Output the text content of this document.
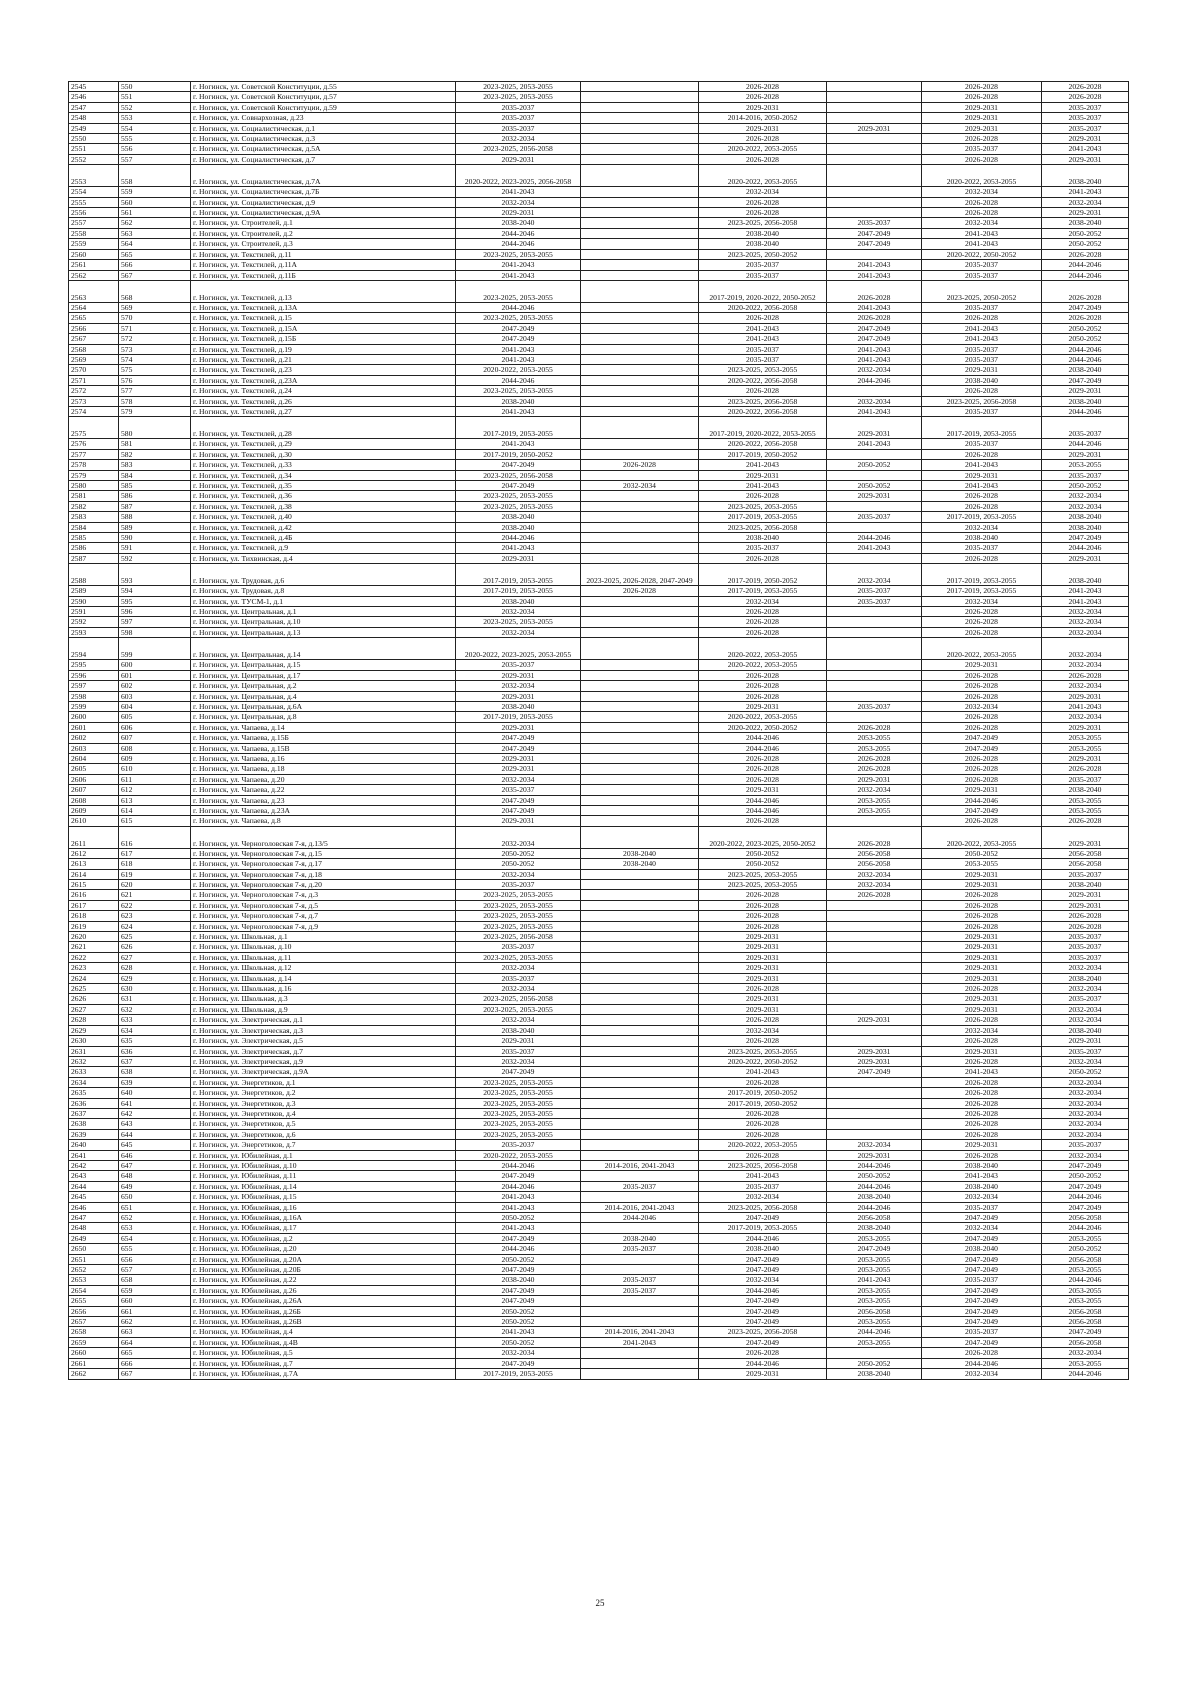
2545	550	г. Ногинск, ул. Советской Конституции, д.55	2023-2025, 2053-2055		2026-2028		2026-2028	2026-2028
2546	551	г. Ногинск, ул. Советской Конституции, д.57	2023-2025, 2053-2055		2026-2028		2026-2028	2026-2028
2547	552	г. Ногинск, ул. Советской Конституции, д.59	2035-2037		2029-2031		2029-2031	2035-2037
2548	553	г. Ногинск, ул. Совнархозная, д.23	2035-2037		2014-2016, 2050-2052		2029-2031	2035-2037
2549	554	г. Ногинск, ул. Социалистическая, д.1	2035-2037		2029-2031	2029-2031	2029-2031	2035-2037
2550	555	г. Ногинск, ул. Социалистическая, д.3	2032-2034		2026-2028		2026-2028	2029-2031
2551	556	г. Ногинск, ул. Социалистическая, д.5А	2023-2025, 2056-2058		2020-2022, 2053-2055		2035-2037	2041-2043
2552	557	г. Ногинск, ул. Социалистическая, д.7	2029-2031		2026-2028		2026-2028	2029-2031
2553	558	г. Ногинск, ул. Социалистическая, д.7А	2020-2022, 2023-2025, 2056-2058		2020-2022, 2053-2055		2020-2022, 2053-2055	2038-2040
2554	559	г. Ногинск, ул. Социалистическая, д.7Б	2041-2043		2032-2034		2032-2034	2041-2043
2555	560	г. Ногинск, ул. Социалистическая, д.9	2032-2034		2026-2028		2026-2028	2032-2034
2556	561	г. Ногинск, ул. Социалистическая, д.9А	2029-2031		2026-2028		2026-2028	2029-2031
2557	562	г. Ногинск, ул. Строителей, д.1	2038-2040		2023-2025, 2056-2058	2035-2037	2032-2034	2038-2040
2558	563	г. Ногинск, ул. Строителей, д.2	2044-2046		2038-2040	2047-2049	2041-2043	2050-2052
2559	564	г. Ногинск, ул. Строителей, д.3	2044-2046		2038-2040	2047-2049	2041-2043	2050-2052
2560	565	г. Ногинск, ул. Текстилей, д.11	2023-2025, 2053-2055		2023-2025, 2050-2052		2020-2022, 2050-2052	2026-2028
2561	566	г. Ногинск, ул. Текстилей, д.11А	2041-2043		2035-2037	2041-2043	2035-2037	2044-2046
2562	567	г. Ногинск, ул. Текстилей, д.11Б	2041-2043		2035-2037	2041-2043	2035-2037	2044-2046
2563	568	г. Ногинск, ул. Текстилей, д.13	2023-2025, 2053-2055		2017-2019, 2020-2022, 2050-2052	2026-2028	2023-2025, 2050-2052	2026-2028
2564	569	г. Ногинск, ул. Текстилей, д.13А	2044-2046		2020-2022, 2056-2058	2041-2043	2035-2037	2047-2049
2565	570	г. Ногинск, ул. Текстилей, д.15	2023-2025, 2053-2055		2026-2028	2026-2028	2026-2028	2026-2028
2566	571	г. Ногинск, ул. Текстилей, д.15А	2047-2049		2041-2043	2047-2049	2041-2043	2050-2052
2567	572	г. Ногинск, ул. Текстилей, д.15Б	2047-2049		2041-2043	2047-2049	2041-2043	2050-2052
2568	573	г. Ногинск, ул. Текстилей, д.19	2041-2043		2035-2037	2041-2043	2035-2037	2044-2046
2569	574	г. Ногинск, ул. Текстилей, д.21	2041-2043		2035-2037	2041-2043	2035-2037	2044-2046
2570	575	г. Ногинск, ул. Текстилей, д.23	2020-2022, 2053-2055		2023-2025, 2053-2055	2032-2034	2029-2031	2038-2040
2571	576	г. Ногинск, ул. Текстилей, д.23А	2044-2046		2020-2022, 2056-2058	2044-2046	2038-2040	2047-2049
2572	577	г. Ногинск, ул. Текстилей, д.24	2023-2025, 2053-2055		2026-2028		2026-2028	2029-2031
2573	578	г. Ногинск, ул. Текстилей, д.26	2038-2040		2023-2025, 2056-2058	2032-2034	2023-2025, 2056-2058	2038-2040
2574	579	г. Ногинск, ул. Текстилей, д.27	2041-2043		2020-2022, 2056-2058	2041-2043	2035-2037	2044-2046
2575	580	г. Ногинск, ул. Текстилей, д.28	2017-2019, 2053-2055		2017-2019, 2020-2022, 2053-2055	2029-2031	2017-2019, 2053-2055	2035-2037
2576	581	г. Ногинск, ул. Текстилей, д.29	2041-2043		2020-2022, 2056-2058	2041-2043	2035-2037	2044-2046
2577	582	г. Ногинск, ул. Текстилей, д.30	2017-2019, 2050-2052		2017-2019, 2050-2052		2026-2028	2029-2031
2578	583	г. Ногинск, ул. Текстилей, д.33	2047-2049	2026-2028	2041-2043	2050-2052	2041-2043	2053-2055
2579	584	г. Ногинск, ул. Текстилей, д.34	2023-2025, 2056-2058		2029-2031		2029-2031	2035-2037
2580	585	г. Ногинск, ул. Текстилей, д.35	2047-2049	2032-2034	2041-2043	2050-2052	2041-2043	2050-2052
2581	586	г. Ногинск, ул. Текстилей, д.36	2023-2025, 2053-2055		2026-2028	2029-2031	2026-2028	2032-2034
2582	587	г. Ногинск, ул. Текстилей, д.38	2023-2025, 2053-2055		2023-2025, 2053-2055		2026-2028	2032-2034
2583	588	г. Ногинск, ул. Текстилей, д.40	2038-2040		2017-2019, 2053-2055	2035-2037	2017-2019, 2053-2055	2038-2040
2584	589	г. Ногинск, ул. Текстилей, д.42	2038-2040		2023-2025, 2056-2058		2032-2034	2038-2040
2585	590	г. Ногинск, ул. Текстилей, д.4Б	2044-2046		2038-2040	2044-2046	2038-2040	2047-2049
2586	591	г. Ногинск, ул. Текстилей, д.9	2041-2043		2035-2037	2041-2043	2035-2037	2044-2046
2587	592	г. Ногинск, ул. Тихвинская, д.4	2029-2031		2026-2028		2026-2028	2029-2031
2588	593	г. Ногинск, ул. Трудовая, д.6	2017-2019, 2053-2055	2023-2025, 2026-2028, 2047-2049	2017-2019, 2050-2052	2032-2034	2017-2019, 2053-2055	2038-2040
2589	594	г. Ногинск, ул. Трудовая, д.8	2017-2019, 2053-2055	2026-2028	2017-2019, 2053-2055	2035-2037	2017-2019, 2053-2055	2041-2043
2590	595	г. Ногинск, ул. ТУСМ-1, д.1	2038-2040		2032-2034	2035-2037	2032-2034	2041-2043
2591	596	г. Ногинск, ул. Центральная, д.1	2032-2034		2026-2028		2026-2028	2032-2034
2592	597	г. Ногинск, ул. Центральная, д.10	2023-2025, 2053-2055		2026-2028		2026-2028	2032-2034
2593	598	г. Ногинск, ул. Центральная, д.13	2032-2034		2026-2028		2026-2028	2032-2034
2594	599	г. Ногинск, ул. Центральная, д.14	2020-2022, 2023-2025, 2053-2055		2020-2022, 2053-2055		2020-2022, 2053-2055	2032-2034
2595	600	г. Ногинск, ул. Центральная, д.15	2035-2037		2020-2022, 2053-2055		2029-2031	2032-2034
2596	601	г. Ногинск, ул. Центральная, д.17	2029-2031		2026-2028		2026-2028	2026-2028
2597	602	г. Ногинск, ул. Центральная, д.2	2032-2034		2026-2028		2026-2028	2032-2034
2598	603	г. Ногинск, ул. Центральная, д.4	2029-2031		2026-2028		2026-2028	2029-2031
2599	604	г. Ногинск, ул. Центральная, д.6А	2038-2040		2029-2031	2035-2037	2032-2034	2041-2043
2600	605	г. Ногинск, ул. Центральная, д.8	2017-2019, 2053-2055		2020-2022, 2053-2055		2026-2028	2032-2034
2601	606	г. Ногинск, ул. Чапаева, д.14	2029-2031		2020-2022, 2050-2052	2026-2028	2026-2028	2029-2031
2602	607	г. Ногинск, ул. Чапаева, д.15Б	2047-2049		2044-2046	2053-2055	2047-2049	2053-2055
2603	608	г. Ногинск, ул. Чапаева, д.15В	2047-2049		2044-2046	2053-2055	2047-2049	2053-2055
2604	609	г. Ногинск, ул. Чапаева, д.16	2029-2031		2026-2028	2026-2028	2026-2028	2029-2031
2605	610	г. Ногинск, ул. Чапаева, д.18	2029-2031		2026-2028	2026-2028	2026-2028	2026-2028
2606	611	г. Ногинск, ул. Чапаева, д.20	2032-2034		2026-2028	2029-2031	2026-2028	2035-2037
2607	612	г. Ногинск, ул. Чапаева, д.22	2035-2037		2029-2031	2032-2034	2029-2031	2038-2040
2608	613	г. Ногинск, ул. Чапаева, д.23	2047-2049		2044-2046	2053-2055	2044-2046	2053-2055
2609	614	г. Ногинск, ул. Чапаева, д.23А	2047-2049		2044-2046	2053-2055	2047-2049	2053-2055
2610	615	г. Ногинск, ул. Чапаева, д.8	2029-2031		2026-2028		2026-2028	2026-2028
2611	616	г. Ногинск, ул. Черноголовская 7-я, д.13/5	2032-2034		2020-2022, 2023-2025, 2050-2052	2026-2028	2020-2022, 2053-2055	2029-2031
2612	617	г. Ногинск, ул. Черноголовская 7-я, д.15	2050-2052	2038-2040	2050-2052	2056-2058	2050-2052	2056-2058
2613	618	г. Ногинск, ул. Черноголовская 7-я, д.17	2050-2052	2038-2040	2050-2052	2056-2058	2053-2055	2056-2058
2614	619	г. Ногинск, ул. Черноголовская 7-я, д.18	2032-2034		2023-2025, 2053-2055	2032-2034	2029-2031	2035-2037
2615	620	г. Ногинск, ул. Черноголовская 7-я, д.20	2035-2037		2023-2025, 2053-2055	2032-2034	2029-2031	2038-2040
2616	621	г. Ногинск, ул. Черноголовская 7-я, д.3	2023-2025, 2053-2055		2026-2028	2026-2028	2026-2028	2029-2031
2617	622	г. Ногинск, ул. Черноголовская 7-я, д.5	2023-2025, 2053-2055		2026-2028		2026-2028	2029-2031
2618	623	г. Ногинск, ул. Черноголовская 7-я, д.7	2023-2025, 2053-2055		2026-2028		2026-2028	2026-2028
2619	624	г. Ногинск, ул. Черноголовская 7-я, д.9	2023-2025, 2053-2055		2026-2028		2026-2028	2026-2028
2620	625	г. Ногинск, ул. Школьная, д.1	2023-2025, 2056-2058		2029-2031		2029-2031	2035-2037
2621	626	г. Ногинск, ул. Школьная, д.10	2035-2037		2029-2031		2029-2031	2035-2037
2622	627	г. Ногинск, ул. Школьная, д.11	2023-2025, 2053-2055		2029-2031		2029-2031	2035-2037
2623	628	г. Ногинск, ул. Школьная, д.12	2032-2034		2029-2031		2029-2031	2032-2034
2624	629	г. Ногинск, ул. Школьная, д.14	2035-2037		2029-2031		2029-2031	2038-2040
2625	630	г. Ногинск, ул. Школьная, д.16	2032-2034		2026-2028		2026-2028	2032-2034
2626	631	г. Ногинск, ул. Школьная, д.3	2023-2025, 2056-2058		2029-2031		2029-2031	2035-2037
2627	632	г. Ногинск, ул. Школьная, д.9	2023-2025, 2053-2055		2029-2031		2029-2031	2032-2034
2628	633	г. Ногинск, ул. Электрическая, д.1	2032-2034		2026-2028	2029-2031	2026-2028	2032-2034
2629	634	г. Ногинск, ул. Электрическая, д.3	2038-2040		2032-2034		2032-2034	2038-2040
2630	635	г. Ногинск, ул. Электрическая, д.5	2029-2031		2026-2028		2026-2028	2029-2031
2631	636	г. Ногинск, ул. Электрическая, д.7	2035-2037		2023-2025, 2053-2055	2029-2031	2029-2031	2035-2037
2632	637	г. Ногинск, ул. Электрическая, д.9	2032-2034		2020-2022, 2050-2052	2029-2031	2026-2028	2032-2034
2633	638	г. Ногинск, ул. Электрическая, д.9А	2047-2049		2041-2043	2047-2049	2041-2043	2050-2052
2634	639	г. Ногинск, ул. Энергетиков, д.1	2023-2025, 2053-2055		2026-2028		2026-2028	2032-2034
2635	640	г. Ногинск, ул. Энергетиков, д.2	2023-2025, 2053-2055		2017-2019, 2050-2052		2026-2028	2032-2034
2636	641	г. Ногинск, ул. Энергетиков, д.3	2023-2025, 2053-2055		2017-2019, 2050-2052		2026-2028	2032-2034
2637	642	г. Ногинск, ул. Энергетиков, д.4	2023-2025, 2053-2055		2026-2028		2026-2028	2032-2034
2638	643	г. Ногинск, ул. Энергетиков, д.5	2023-2025, 2053-2055		2026-2028		2026-2028	2032-2034
2639	644	г. Ногинск, ул. Энергетиков, д.6	2023-2025, 2053-2055		2026-2028		2026-2028	2032-2034
2640	645	г. Ногинск, ул. Энергетиков, д.7	2035-2037		2020-2022, 2053-2055	2032-2034	2029-2031	2035-2037
2641	646	г. Ногинск, ул. Юбилейная, д.1	2020-2022, 2053-2055		2026-2028	2029-2031	2026-2028	2032-2034
2642	647	г. Ногинск, ул. Юбилейная, д.10	2044-2046	2014-2016, 2041-2043	2023-2025, 2056-2058	2044-2046	2038-2040	2047-2049
2643	648	г. Ногинск, ул. Юбилейная, д.11	2047-2049		2041-2043	2050-2052	2041-2043	2050-2052
2644	649	г. Ногинск, ул. Юбилейная, д.14	2044-2046	2035-2037	2035-2037	2044-2046	2038-2040	2047-2049
2645	650	г. Ногинск, ул. Юбилейная, д.15	2041-2043		2032-2034	2038-2040	2032-2034	2044-2046
2646	651	г. Ногинск, ул. Юбилейная, д.16	2041-2043	2014-2016, 2041-2043	2023-2025, 2056-2058	2044-2046	2035-2037	2047-2049
2647	652	г. Ногинск, ул. Юбилейная, д.16А	2050-2052	2044-2046	2047-2049	2056-2058	2047-2049	2056-2058
2648	653	г. Ногинск, ул. Юбилейная, д.17	2041-2043		2017-2019, 2053-2055	2038-2040	2032-2034	2044-2046
2649	654	г. Ногинск, ул. Юбилейная, д.2	2047-2049	2038-2040	2044-2046	2053-2055	2047-2049	2053-2055
2650	655	г. Ногинск, ул. Юбилейная, д.20	2044-2046	2035-2037	2038-2040	2047-2049	2038-2040	2050-2052
2651	656	г. Ногинск, ул. Юбилейная, д.20А	2050-2052		2047-2049	2053-2055	2047-2049	2056-2058
2652	657	г. Ногинск, ул. Юбилейная, д.20Б	2047-2049		2047-2049	2053-2055	2047-2049	2053-2055
2653	658	г. Ногинск, ул. Юбилейная, д.22	2038-2040	2035-2037	2032-2034	2041-2043	2035-2037	2044-2046
2654	659	г. Ногинск, ул. Юбилейная, д.26	2047-2049	2035-2037	2044-2046	2053-2055	2047-2049	2053-2055
2655	660	г. Ногинск, ул. Юбилейная, д.26А	2047-2049		2047-2049	2053-2055	2047-2049	2053-2055
2656	661	г. Ногинск, ул. Юбилейная, д.26Б	2050-2052		2047-2049	2056-2058	2047-2049	2056-2058
2657	662	г. Ногинск, ул. Юбилейная, д.26В	2050-2052		2047-2049	2053-2055	2047-2049	2056-2058
2658	663	г. Ногинск, ул. Юбилейная, д.4	2041-2043	2014-2016, 2041-2043	2023-2025, 2056-2058	2044-2046	2035-2037	2047-2049
2659	664	г. Ногинск, ул. Юбилейная, д.4В	2050-2052	2041-2043	2047-2049	2053-2055	2047-2049	2056-2058
2660	665	г. Ногинск, ул. Юбилейная, д.5	2032-2034		2026-2028		2026-2028	2032-2034
2661	666	г. Ногинск, ул. Юбилейная, д.7	2047-2049		2044-2046	2050-2052	2044-2046	2053-2055
2662	667	г. Ногинск, ул. Юбилейная, д.7А	2017-2019, 2053-2055		2029-2031	2038-2040	2032-2034	2044-2046
25
